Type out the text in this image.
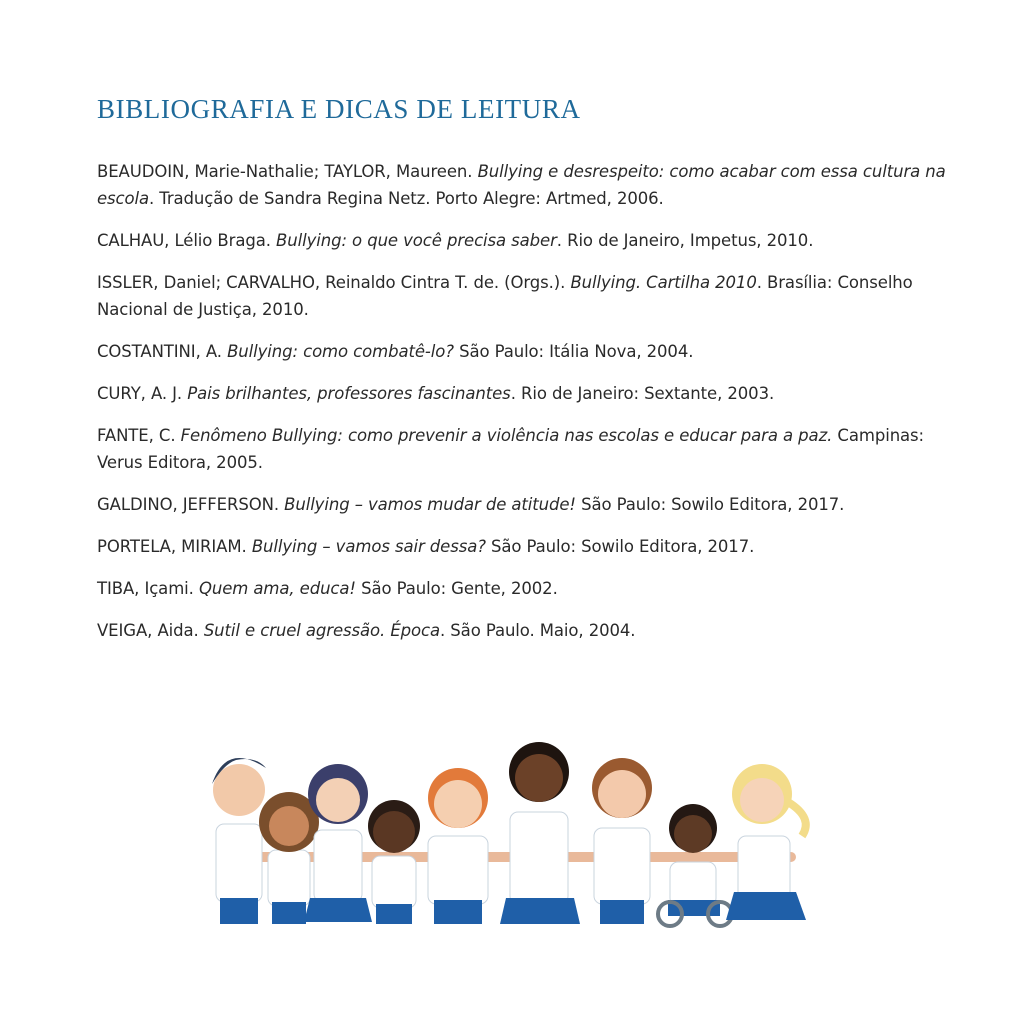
BIBLIOGRAFIA E DICAS DE LEITURA

BEAUDOIN, Marie-Nathalie; TAYLOR, Maureen. Bullying e desrespeito: como acabar com essa cultura na escola. Tradução de Sandra Regina Netz. Porto Alegre: Artmed, 2006.

CALHAU, Lélio Braga. Bullying: o que você precisa saber. Rio de Janeiro, Impetus, 2010.

ISSLER, Daniel; CARVALHO, Reinaldo Cintra T. de. (Orgs.). Bullying. Cartilha 2010. Brasília: Conselho Nacional de Justiça, 2010.

COSTANTINI, A. Bullying: como combatê-lo? São Paulo: Itália Nova, 2004.

CURY, A. J. Pais brilhantes, professores fascinantes. Rio de Janeiro: Sextante, 2003.

FANTE, C. Fenômeno Bullying: como prevenir a violência nas escolas e educar para a paz. Campinas: Verus Editora, 2005.

GALDINO, JEFFERSON. Bullying – vamos mudar de atitude! São Paulo: Sowilo Editora, 2017.

PORTELA, MIRIAM. Bullying – vamos sair dessa? São Paulo: Sowilo Editora, 2017.

TIBA, Içami. Quem ama, educa! São Paulo: Gente, 2002.

VEIGA, Aida. Sutil e cruel agressão. Época. São Paulo. Maio, 2004.
